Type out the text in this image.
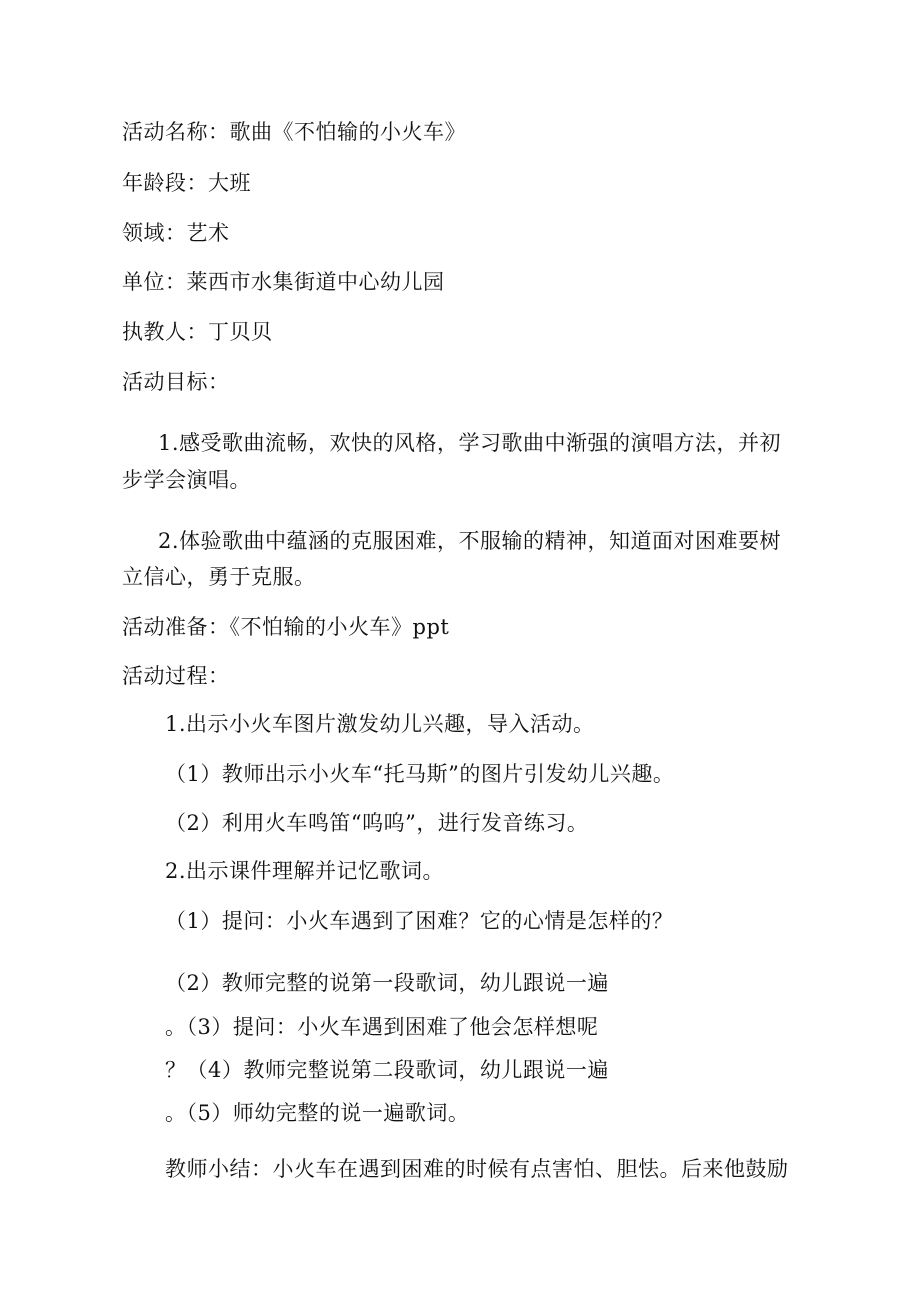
活动名称：歌曲《不怕输的小火车》
年龄段：大班
领域：艺术
单位：莱西市水集街道中心幼儿园
执教人：丁贝贝
活动目标：
1.感受歌曲流畅，欢快的风格，学习歌曲中渐强的演唱方法，并初
步学会演唱。
2.体验歌曲中蕴涵的克服困难，不服输的精神，知道面对困难要树
立信心，勇于克服。
活动准备：《不怕输的小火车》ppt
活动过程：
1.出示小火车图片激发幼儿兴趣，导入活动。
（1）教师出示小火车“托马斯”的图片引发幼儿兴趣。
（2）利用火车鸣笛“呜呜”，进行发音练习。
2.出示课件理解并记忆歌词。
（1）提问：小火车遇到了困难？它的心情是怎样的？
（2）教师完整的说第一段歌词，幼儿跟说一遍
。（3）提问：小火车遇到困难了他会怎样想呢
？（4）教师完整说第二段歌词，幼儿跟说一遍
。（5）师幼完整的说一遍歌词。
教师小结：小火车在遇到困难的时候有点害怕、胆怯。后来他鼓励
